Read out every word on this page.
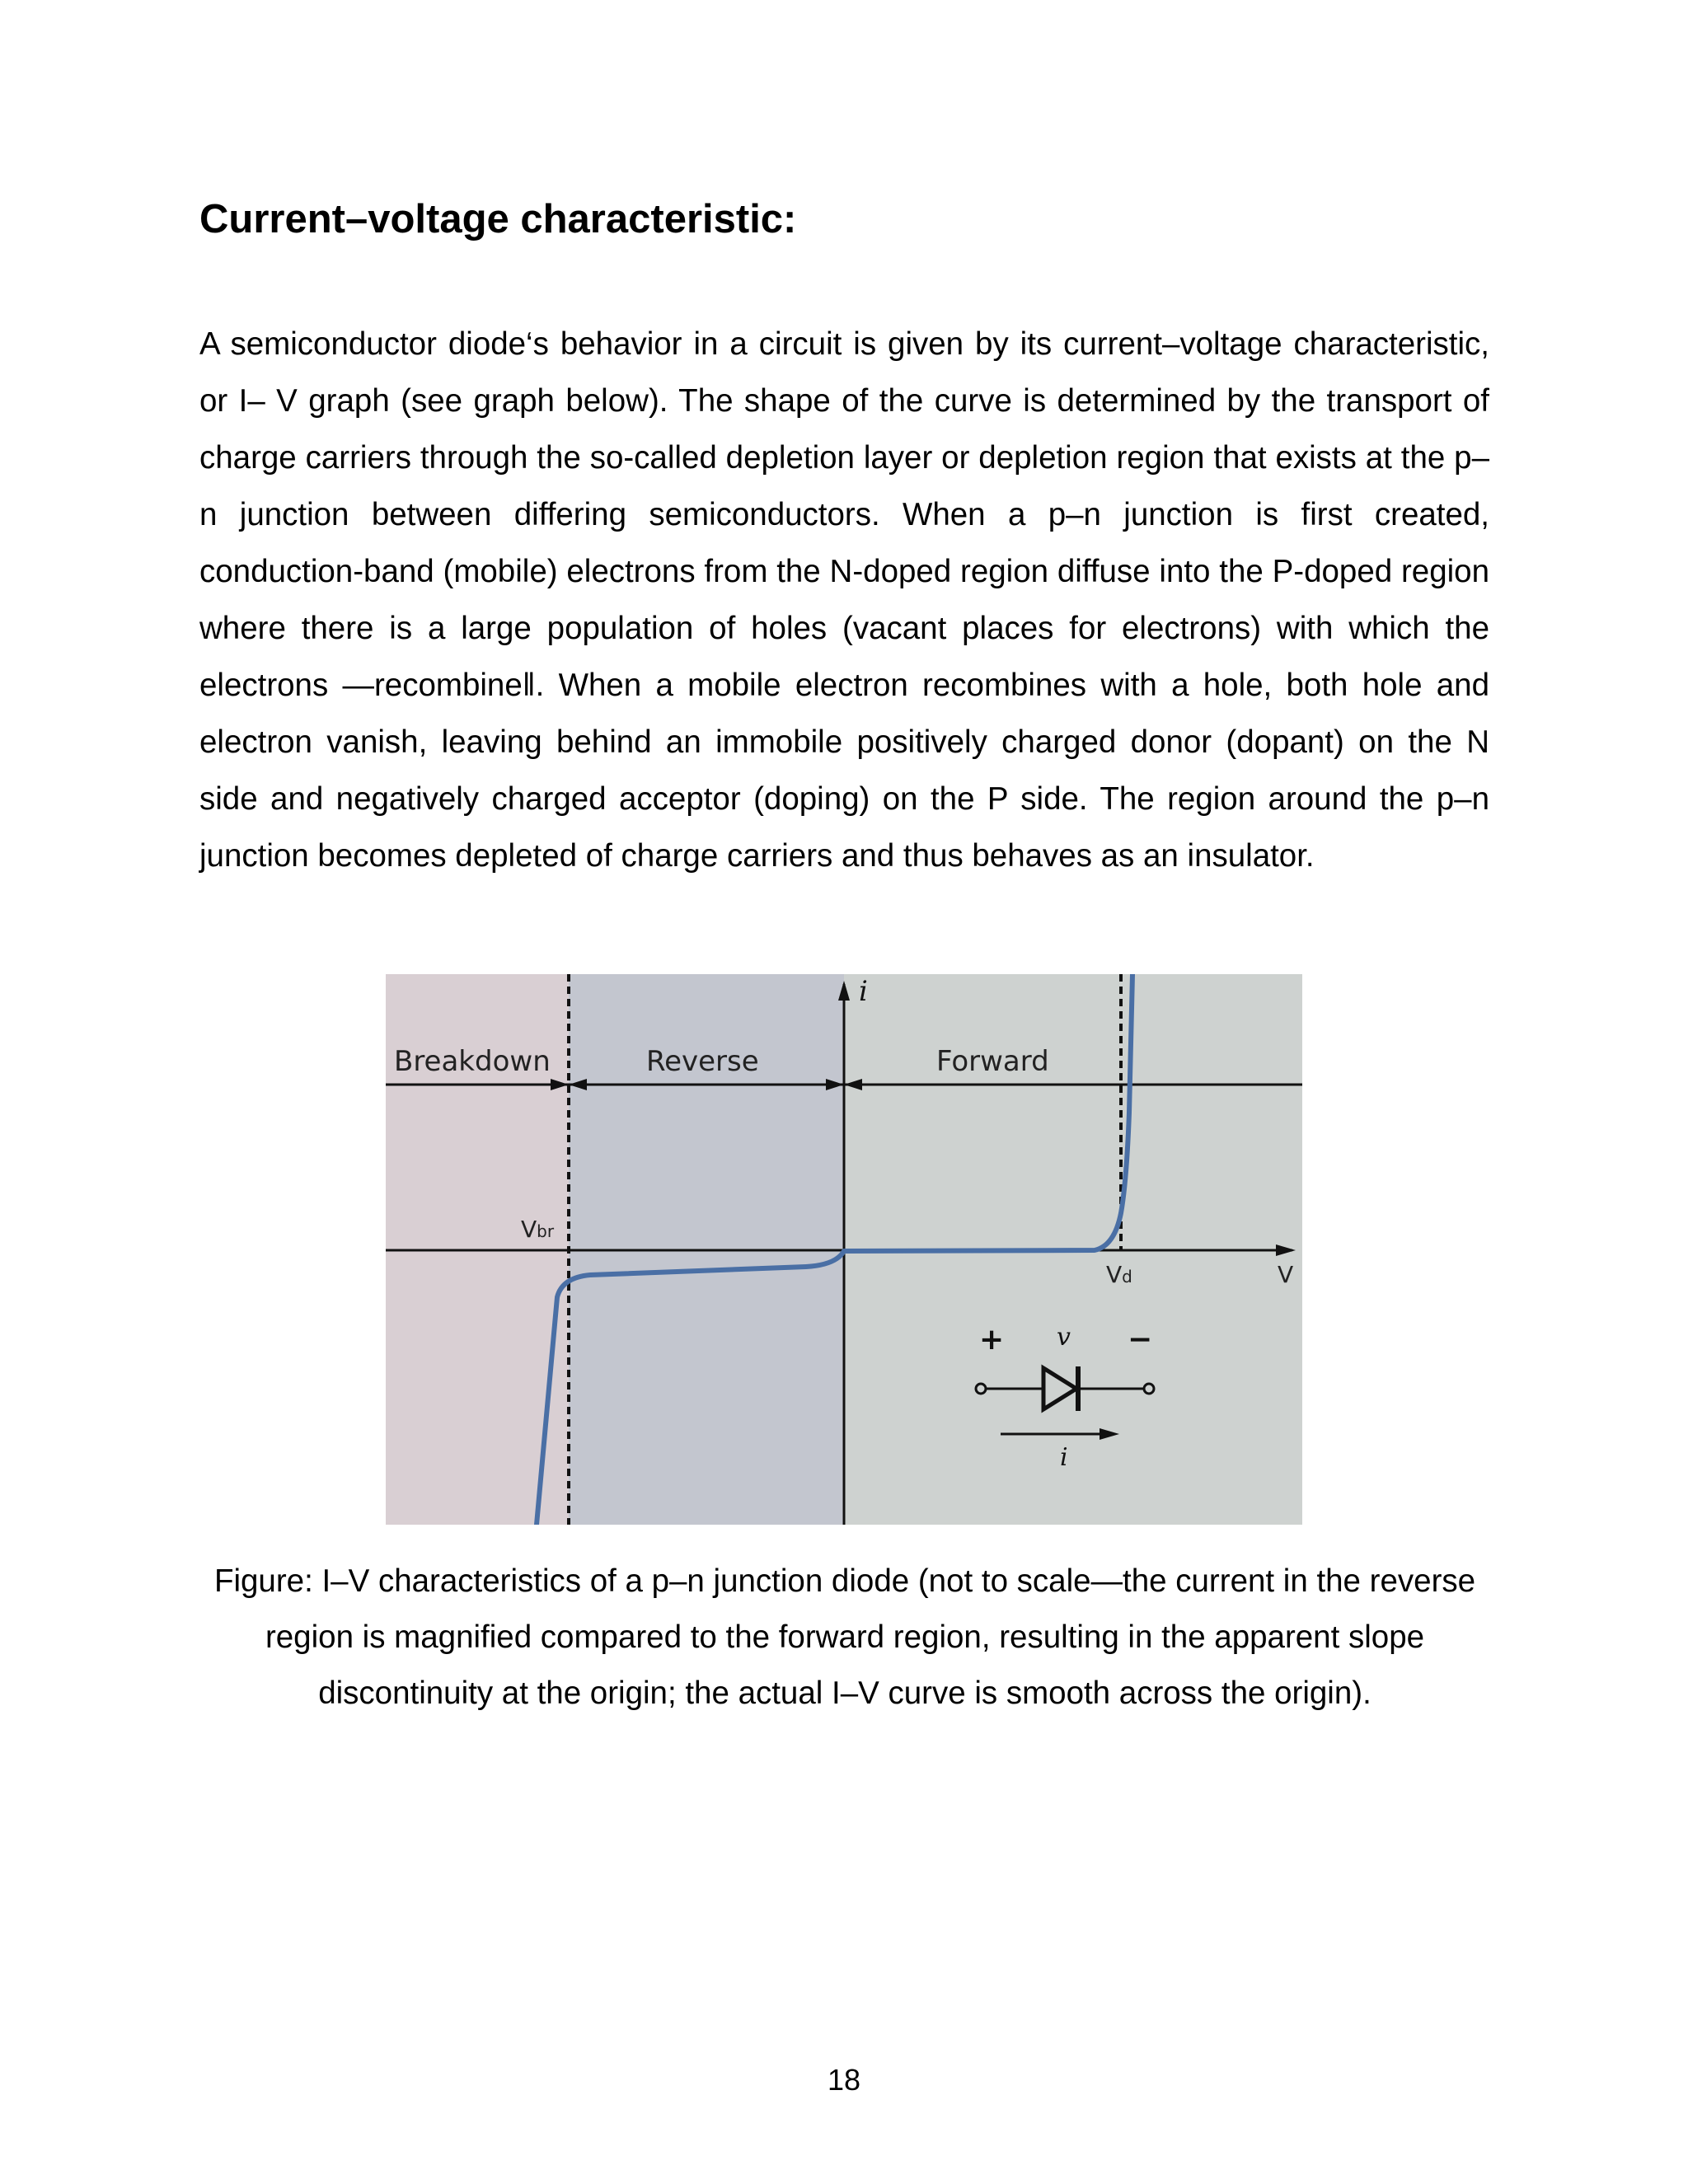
Current–voltage characteristic:

A semiconductor diode‘s behavior in a circuit is given by its current–voltage characteristic, or I– V graph (see graph below). The shape of the curve is determined by the transport of charge carriers through the so-called depletion layer or depletion region that exists at the p–n junction between differing semiconductors. When a p–n junction is first created, conduction-band (mobile) electrons from the N-doped region diffuse into the P-doped region where there is a large population of holes (vacant places for electrons) with which the electrons ―recombine‖. When a mobile electron recombines with a hole, both hole and electron vanish, leaving behind an immobile positively charged donor (dopant) on the N side and negatively charged acceptor (doping) on the P side. The region around the p–n junction becomes depleted of charge carriers and thus behaves as an insulator.

Breakdown	Reverse	Forward
i
V
Vbr
Vd
+ v −
i

Figure: I–V characteristics of a p–n junction diode (not to scale—the current in the reverse region is magnified compared to the forward region, resulting in the apparent slope discontinuity at the origin; the actual I–V curve is smooth across the origin).

18
